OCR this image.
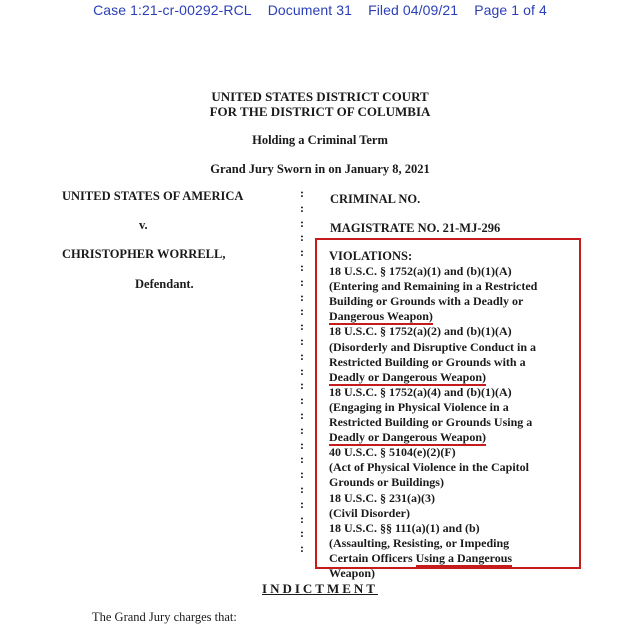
Case 1:21-cr-00292-RCL Document 31 Filed 04/09/21 Page 1 of 4
UNITED STATES DISTRICT COURT
FOR THE DISTRICT OF COLUMBIA
Holding a Criminal Term
Grand Jury Sworn in on January 8, 2021
UNITED STATES OF AMERICA
v.
CHRISTOPHER WORRELL,
Defendant.
CRIMINAL NO.
MAGISTRATE NO. 21-MJ-296
:
:
:
:
:
:
:
:
:
:
:
:
:
:
:
:
:
:
:
:
:
:
:
:
:
VIOLATIONS:
18 U.S.C. § 1752(a)(1) and (b)(1)(A)
(Entering and Remaining in a Restricted
Building or Grounds with a Deadly or
Dangerous Weapon)
18 U.S.C. § 1752(a)(2) and (b)(1)(A)
(Disorderly and Disruptive Conduct in a
Restricted Building or Grounds with a
Deadly or Dangerous Weapon)
18 U.S.C. § 1752(a)(4) and (b)(1)(A)
(Engaging in Physical Violence in a
Restricted Building or Grounds Using a
Deadly or Dangerous Weapon)
40 U.S.C. § 5104(e)(2)(F)
(Act of Physical Violence in the Capitol
Grounds or Buildings)
18 U.S.C. § 231(a)(3)
(Civil Disorder)
18 U.S.C. §§ 111(a)(1) and (b)
(Assaulting, Resisting, or Impeding
Certain Officers Using a Dangerous
Weapon)
INDICTMENT
The Grand Jury charges that:
